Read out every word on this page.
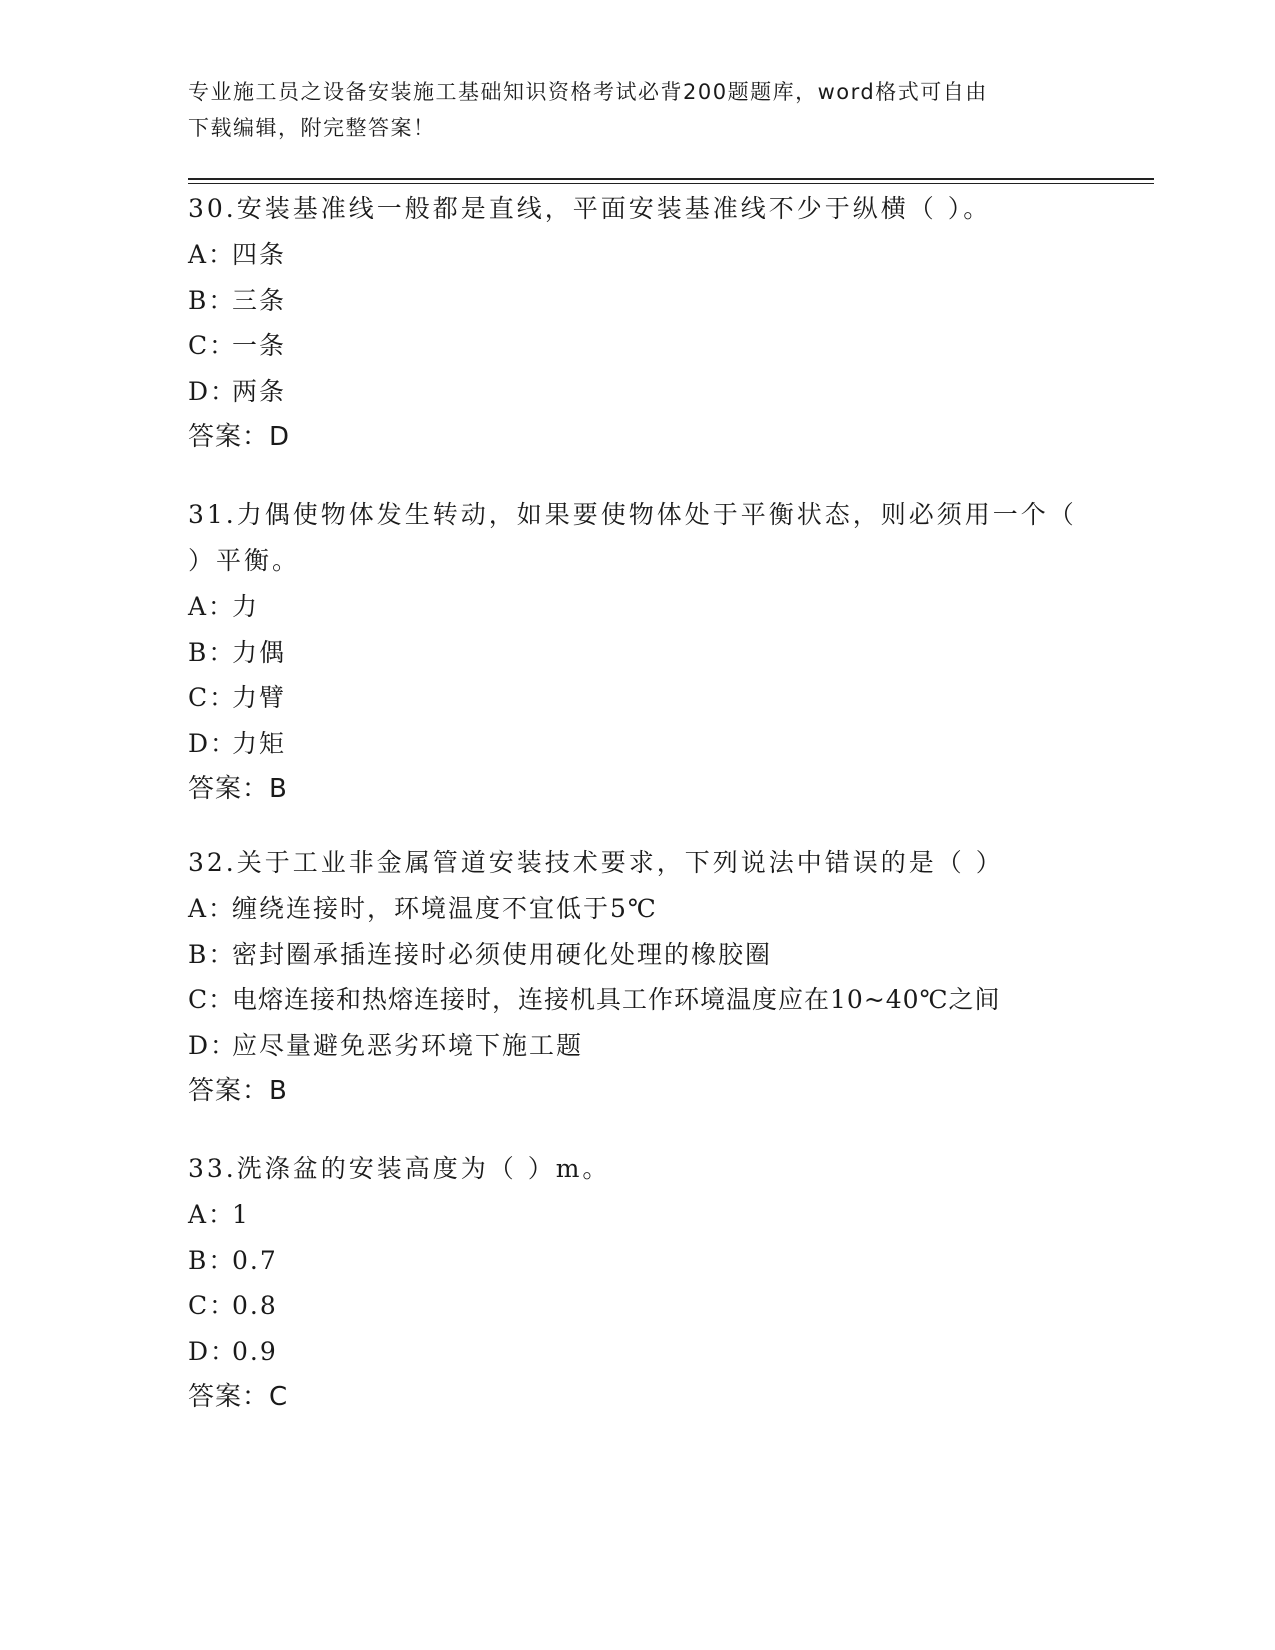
专业施工员之设备安装施工基础知识资格考试必背200题题库，word格式可自由
下载编辑，附完整答案！
30.安装基准线一般都是直线，平面安装基准线不少于纵横（ ）。
A：四条
B：三条
C：一条
D：两条
答案：D
31.力偶使物体发生转动，如果要使物体处于平衡状态，则必须用一个（ ）平衡。
A：力
B：力偶
C：力臂
D：力矩
答案：B
32.关于工业非金属管道安装技术要求，下列说法中错误的是（ ）
A：缠绕连接时，环境温度不宜低于5℃
B：密封圈承插连接时必须使用硬化处理的橡胶圈
C：电熔连接和热熔连接时，连接机具工作环境温度应在10~40℃之间
D：应尽量避免恶劣环境下施工题
答案：B
33.洗涤盆的安装高度为（ ）m。
A：1
B：0.7
C：0.8
D：0.9
答案：C
